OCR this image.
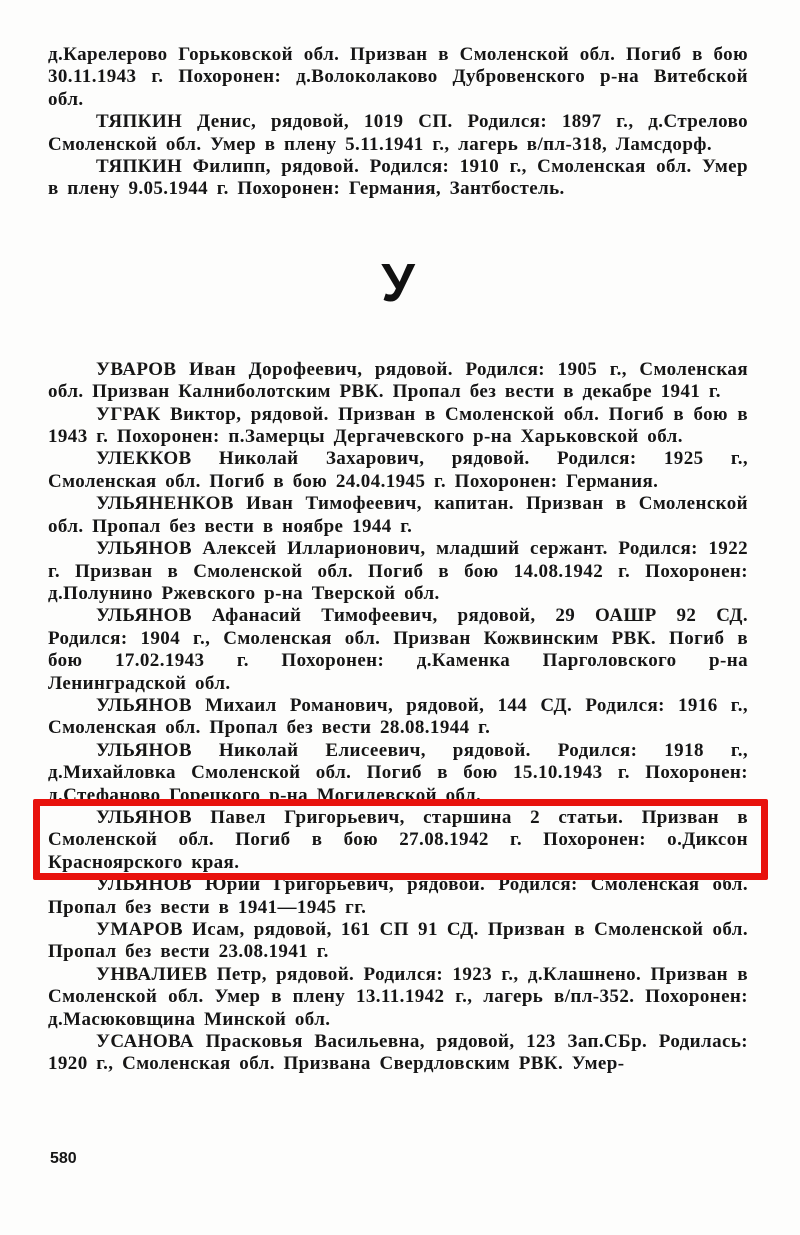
д.Карелерово Горьковской обл. Призван в Смоленской обл. Погиб в бою 30.11.1943 г. Похоронен: д.Волоколаково Дубровенского р-на Витебской обл.

ТЯПКИН Денис, рядовой, 1019 СП. Родился: 1897 г., д.Стрелово Смоленской обл. Умер в плену 5.11.1941 г., лагерь в/пл-318, Ламсдорф.

ТЯПКИН Филипп, рядовой. Родился: 1910 г., Смоленская обл. Умер в плену 9.05.1944 г. Похоронен: Германия, Зантбостель.

У

УВАРОВ Иван Дорофеевич, рядовой. Родился: 1905 г., Смоленская обл. Призван Калниболотским РВК. Пропал без вести в декабре 1941 г.

УГРАК Виктор, рядовой. Призван в Смоленской обл. Погиб в бою в 1943 г. Похоронен: п.Замерцы Дергачевского р-на Харьковской обл.

УЛЕККОВ Николай Захарович, рядовой. Родился: 1925 г., Смоленская обл. Погиб в бою 24.04.1945 г. Похоронен: Германия.

УЛЬЯНЕНКОВ Иван Тимофеевич, капитан. Призван в Смоленской обл. Пропал без вести в ноябре 1944 г.

УЛЬЯНОВ Алексей Илларионович, младший сержант. Родился: 1922 г. Призван в Смоленской обл. Погиб в бою 14.08.1942 г. Похоронен: д.Полунино Ржевского р-на Тверской обл.

УЛЬЯНОВ Афанасий Тимофеевич, рядовой, 29 ОАШР 92 СД. Родился: 1904 г., Смоленская обл. Призван Кожвинским РВК. Погиб в бою 17.02.1943 г. Похоронен: д.Каменка Парголовского р-на Ленинградской обл.

УЛЬЯНОВ Михаил Романович, рядовой, 144 СД. Родился: 1916 г., Смоленская обл. Пропал без вести 28.08.1944 г.

УЛЬЯНОВ Николай Елисеевич, рядовой. Родился: 1918 г., д.Михайловка Смоленской обл. Погиб в бою 15.10.1943 г. Похоронен: д.Стефаново Горецкого р-на Могилевской обл.

УЛЬЯНОВ Павел Григорьевич, старшина 2 статьи. Призван в Смоленской обл. Погиб в бою 27.08.1942 г. Похоронен: о.Диксон Красноярского края.

УЛЬЯНОВ Юрий Григорьевич, рядовой. Родился: Смоленская обл. Пропал без вести в 1941—1945 гг.

УМАРОВ Исам, рядовой, 161 СП 91 СД. Призван в Смоленской обл. Пропал без вести 23.08.1941 г.

УНВАЛИЕВ Петр, рядовой. Родился: 1923 г., д.Клашнено. Призван в Смоленской обл. Умер в плену 13.11.1942 г., лагерь в/пл-352. Похоронен: д.Масюковщина Минской обл.

УСАНОВА Прасковья Васильевна, рядовой, 123 Зап.СБр. Родилась: 1920 г., Смоленская обл. Призвана Свердловским РВК. Умер-

580
